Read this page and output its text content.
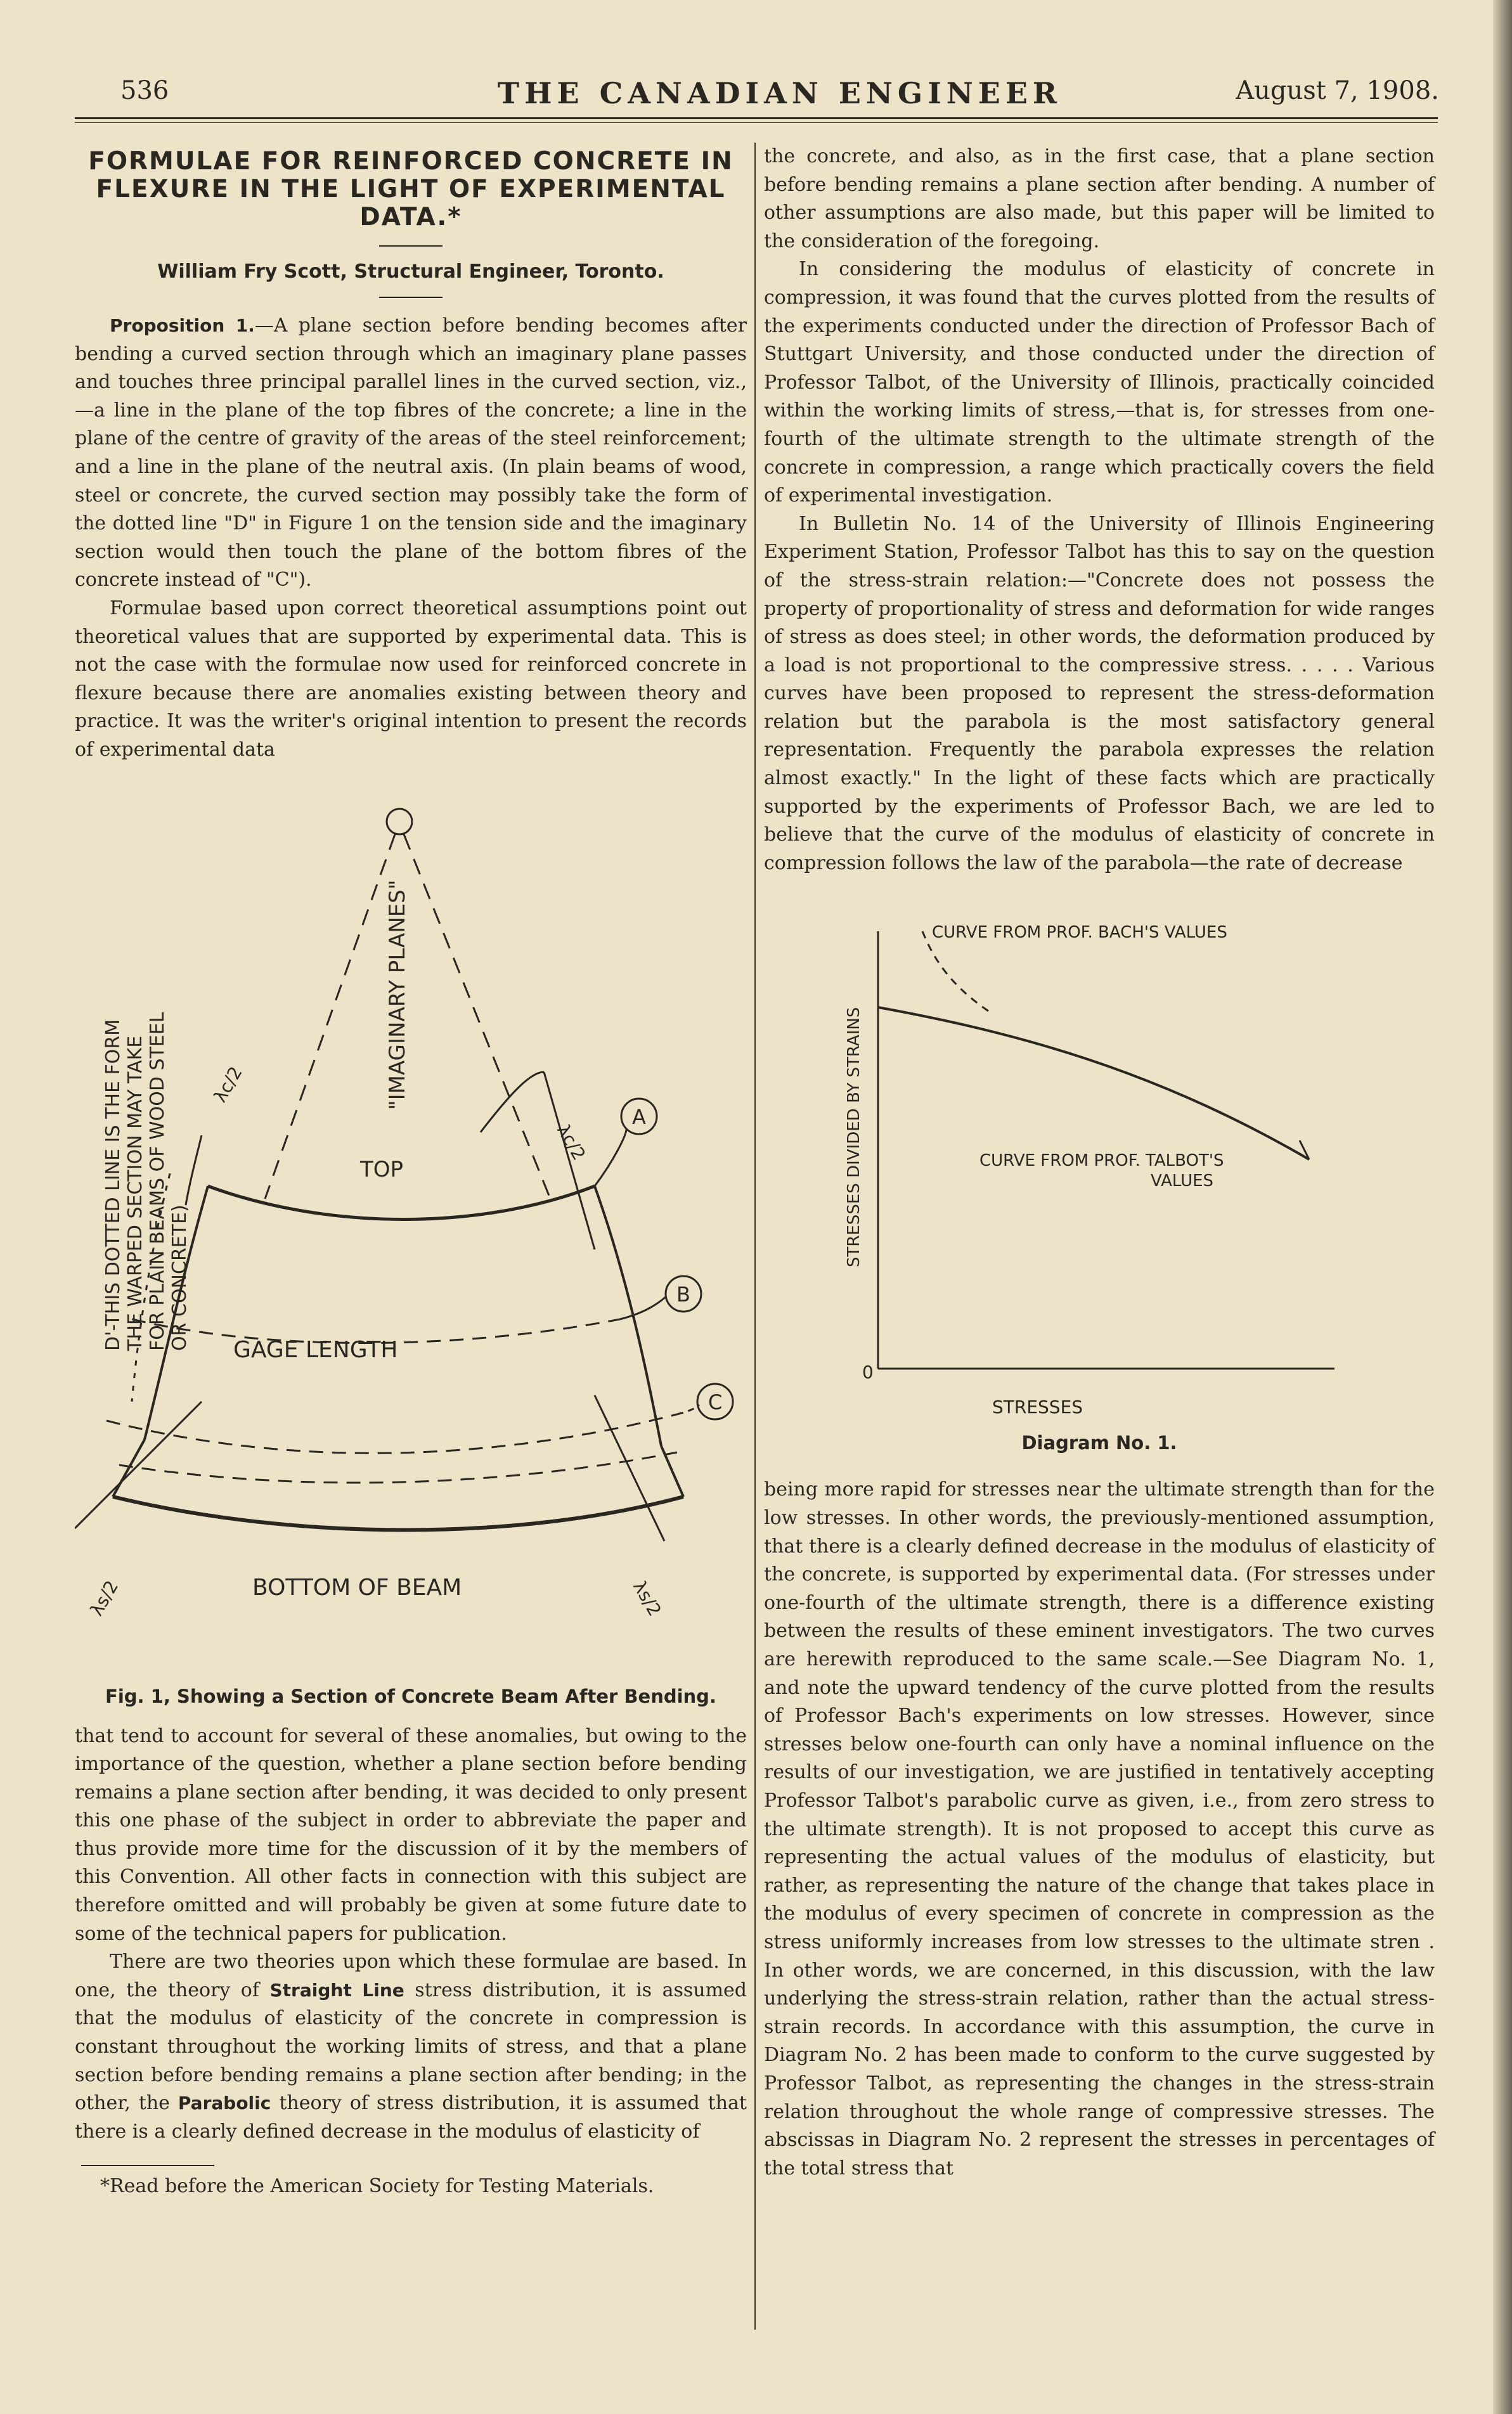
536	THE CANADIAN ENGINEER	August 7, 1908.
FORMULAE FOR REINFORCED CONCRETE IN FLEXURE IN THE LIGHT OF EXPERIMENTAL DATA.*

William Fry Scott, Structural Engineer, Toronto.

Proposition 1.—A plane section before bending becomes after bending a curved section through which an imaginary plane passes and touches three principal parallel lines in the curved section, viz.,—a line in the plane of the top fibres of the concrete; a line in the plane of the centre of gravity of the areas of the steel reinforcement; and a line in the plane of the neutral axis. (In plain beams of wood, steel or concrete, the curved section may possibly take the form of the dotted line "D" in Figure 1 on the tension side and the imaginary section would then touch the plane of the bottom fibres of the concrete instead of "C").

Formulae based upon correct theoretical assumptions point out theoretical values that are supported by experimental data. This is not the case with the formulae now used for reinforced concrete in flexure because there are anomalies existing between theory and practice. It was the writer's original intention to present the records of experimental data

D'-THIS DOTTED LINE IS THE FORM THE WARPED SECTION MAY TAKE FOR PLAIN BEAMS OF WOOD STEEL OR CONCRETE)
"IMAGINARY PLANES"
TOP
GAGE LENGTH
BOTTOM OF BEAM
A
B
C
λc/2
λc/2
λs/2	λs/2

Fig. 1, Showing a Section of Concrete Beam After Bending.

that tend to account for several of these anomalies, but owing to the importance of the question, whether a plane section before bending remains a plane section after bending, it was decided to only present this one phase of the subject in order to abbreviate the paper and thus provide more time for the discussion of it by the members of this Convention. All other facts in connection with this subject are therefore omitted and will probably be given at some future date to some of the technical papers for publication.

There are two theories upon which these formulae are based. In one, the theory of Straight Line stress distribution, it is assumed that the modulus of elasticity of the concrete in compression is constant throughout the working limits of stress, and that a plane section before bending remains a plane section after bending; in the other, the Parabolic theory of stress distribution, it is assumed that there is a clearly defined decrease in the modulus of elasticity of

*Read before the American Society for Testing Materials.

the concrete, and also, as in the first case, that a plane section before bending remains a plane section after bending. A number of other assumptions are also made, but this paper will be limited to the consideration of the foregoing.

In considering the modulus of elasticity of concrete in compression, it was found that the curves plotted from the results of the experiments conducted under the direction of Professor Bach of Stuttgart University, and those conducted under the direction of Professor Talbot, of the University of Illinois, practically coincided within the working limits of stress,—that is, for stresses from one-fourth of the ultimate strength to the ultimate strength of the concrete in compression, a range which practically covers the field of experimental investigation.

In Bulletin No. 14 of the University of Illinois Engineering Experiment Station, Professor Talbot has this to say on the question of the stress-strain relation:—"Concrete does not possess the property of proportionality of stress and deformation for wide ranges of stress as does steel; in other words, the deformation produced by a load is not proportional to the compressive stress. . . . . Various curves have been proposed to represent the stress-deformation relation but the parabola is the most satisfactory general representation. Frequently the parabola expresses the relation almost exactly." In the light of these facts which are practically supported by the experiments of Professor Bach, we are led to believe that the curve of the modulus of elasticity of concrete in compression follows the law of the parabola—the rate of decrease

STRESSES DIVIDED BY STRAINS
STRESSES
0
CURVE FROM PROF. BACH'S VALUES
CURVE FROM PROF. TALBOT'S
VALUES

Diagram No. 1.

being more rapid for stresses near the ultimate strength than for the low stresses. In other words, the previously-mentioned assumption, that there is a clearly defined decrease in the modulus of elasticity of the concrete, is supported by experimental data. (For stresses under one-fourth of the ultimate strength, there is a difference existing between the results of these eminent investigators. The two curves are herewith reproduced to the same scale.—See Diagram No. 1, and note the upward tendency of the curve plotted from the results of Professor Bach's experiments on low stresses. However, since stresses below one-fourth can only have a nominal influence on the results of our investigation, we are justified in tentatively accepting Professor Talbot's parabolic curve as given, i.e., from zero stress to the ultimate strength). It is not proposed to accept this curve as representing the actual values of the modulus of elasticity, but rather, as representing the nature of the change that takes place in the modulus of every specimen of concrete in compression as the stress uniformly increases from low stresses to the ultimate stren . In other words, we are concerned, in this discussion, with the law underlying the stress-strain relation, rather than the actual stress-strain records. In accordance with this assumption, the curve in Diagram No. 2 has been made to conform to the curve suggested by Professor Talbot, as representing the changes in the stress-strain relation throughout the whole range of compressive stresses. The abscissas in Diagram No. 2 represent the stresses in percentages of the total stress that
